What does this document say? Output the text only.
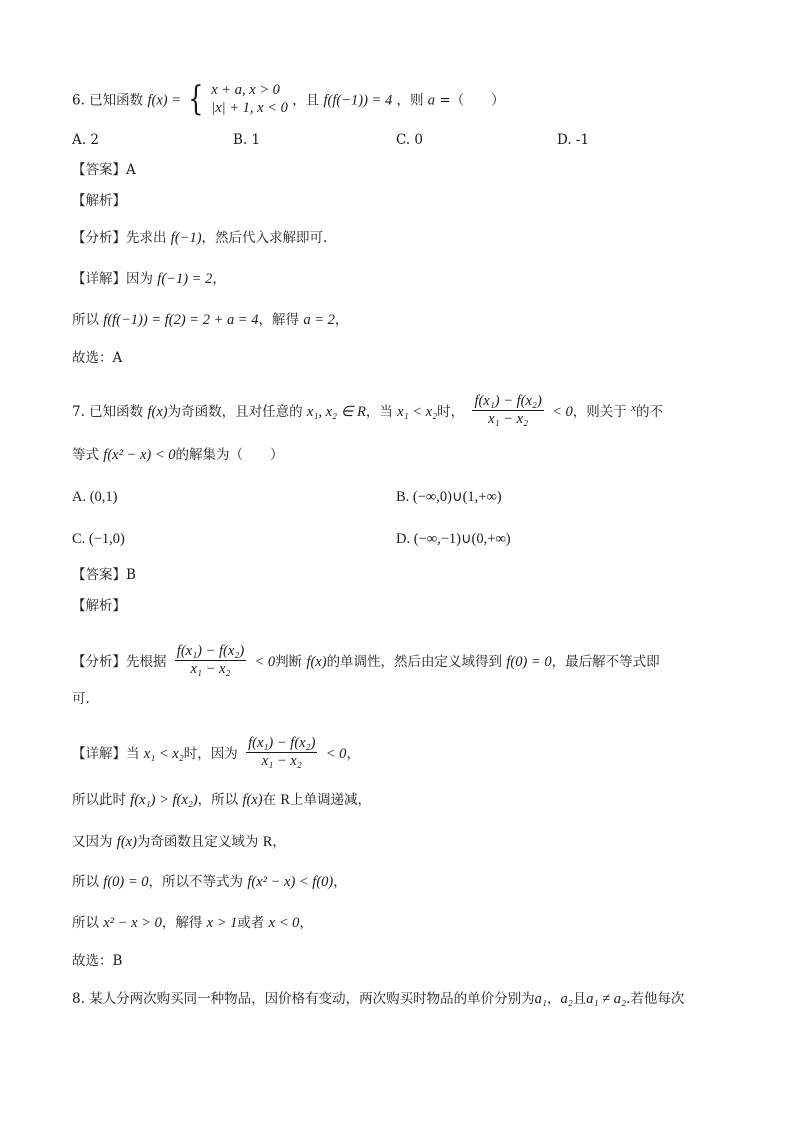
6. 已知函数 f(x) = { x + a, x > 0
|x| + 1, x < 0 ，且 f(f(−1)) = 4 ，则 a =（　　）
A. 2	B. 1	C. 0	D. -1
【答案】A
【解析】
【分析】先求出 f(−1)，然后代入求解即可.
【详解】因为 f(−1) = 2，
所以 f(f(−1)) = f(2) = 2 + a = 4，解得 a = 2，
故选：A
7. 已知函数 f(x)为奇函数，且对任意的 x₁, x₂ ∈ R，当 x₁ < x₂时， $\frac{\text{f(x₁) − f(x₂)}}{\text{x₁ − x₂}} < 0$，则关于 $^x$的不
等式 f(x² − x) < 0的解集为（　　）
A. (0,1)	B. (−∞,0)∪(1,+∞)
C. (−1,0)	D. (−∞,−1)∪(0,+∞)
【答案】B
【解析】
【分析】先根据 $\frac{\text{f(x₁) − f(x₂)}}{\text{x₁ − x₂}} < 0$判断 f(x)的单调性，然后由定义域得到 f(0) = 0，最后解不等式即
可.
【详解】当 x₁ < x₂时，因为 $\frac{\text{f(x₁) − f(x₂)}}{\text{x₁ − x₂}} < 0$，
所以此时 f(x₁) > f(x₂)，所以 f(x)在 R上单调递减，
又因为 f(x)为奇函数且定义域为 R，
所以 f(0) = 0，所以不等式为 f(x² − x) < f(0)，
所以 x² − x > 0，解得 x > 1或者 x < 0，
故选：B
8. 某人分两次购买同一种物品，因价格有变动，两次购买时物品的单价分别为a₁，a₂且a₁ ≠ a₂.若他每次
